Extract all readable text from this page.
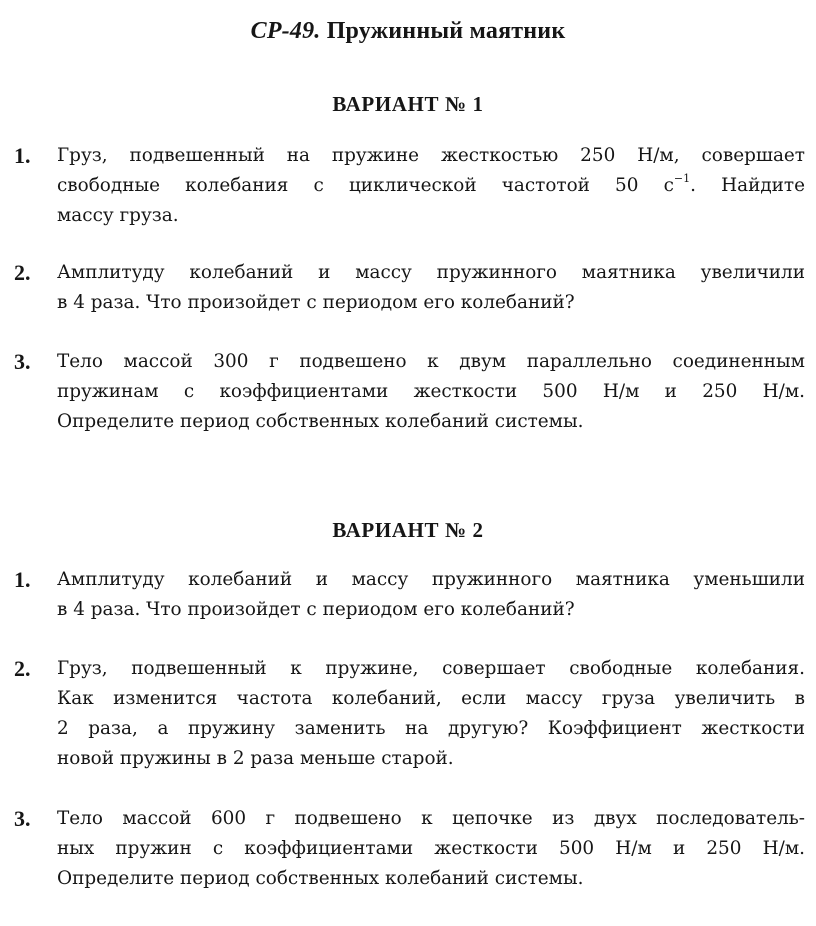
СР-49. Пружинный маятник
ВАРИАНТ № 1
1.	Груз, подвешенный на пружине жесткостью 250 Н/м, совершает
свободные колебания с циклической частотой 50 $с^{-1}$. Найдите
массу груза.
2.	Амплитуду колебаний и массу пружинного маятника увеличили
в 4 раза. Что произойдет с периодом его колебаний?
3.	Тело массой 300 г подвешено к двум параллельно соединенным
пружинам с коэффициентами жесткости 500 Н/м и 250 Н/м.
Определите период собственных колебаний системы.
ВАРИАНТ № 2
1.	Амплитуду колебаний и массу пружинного маятника уменьшили
в 4 раза. Что произойдет с периодом его колебаний?
2.	Груз, подвешенный к пружине, совершает свободные колебания.
Как изменится частота колебаний, если массу груза увеличить в
2 раза, а пружину заменить на другую? Коэффициент жесткости
новой пружины в 2 раза меньше старой.
3.	Тело массой 600 г подвешено к цепочке из двух последователь-
ных пружин с коэффициентами жесткости 500 Н/м и 250 Н/м.
Определите период собственных колебаний системы.
